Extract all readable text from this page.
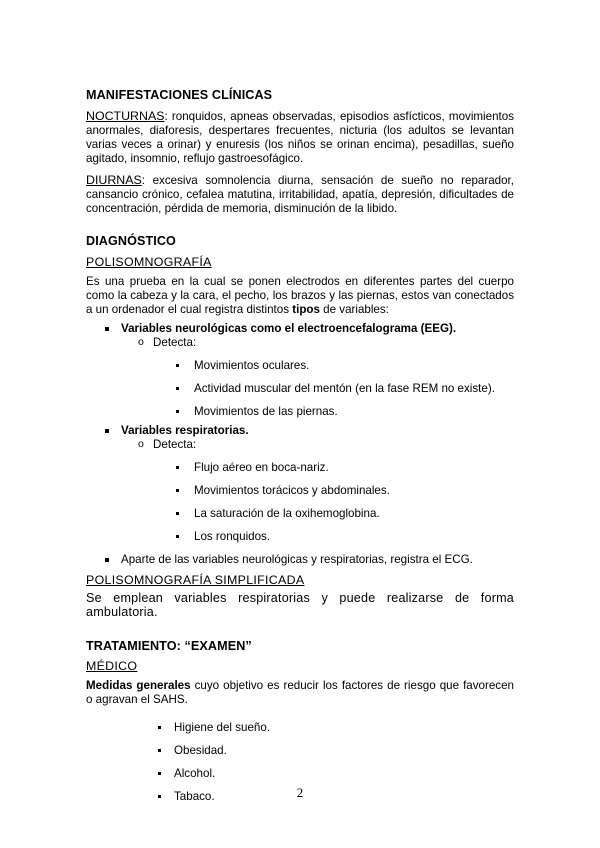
MANIFESTACIONES CLÍNICAS

NOCTURNAS: ronquidos, apneas observadas, episodios asfícticos, movimientos anormales, diaforesis, despertares frecuentes, nicturia (los adultos se levantan varias veces a orinar) y enuresis (los niños se orinan encima), pesadillas, sueño agitado, insomnio, reflujo gastroesofágico.

DIURNAS: excesiva somnolencia diurna, sensación de sueño no reparador, cansancio crónico, cefalea matutina, irritabilidad, apatía, depresión, dificultades de concentración, pérdida de memoria, disminución de la libido.

DIAGNÓSTICO
POLISOMNOGRAFÍA

Es una prueba en la cual se ponen electrodos en diferentes partes del cuerpo como la cabeza y la cara, el pecho, los brazos y las piernas, estos van conectados a un ordenador el cual registra distintos tipos de variables:

Variables neurológicas como el electroencefalograma (EEG).
o Detecta:
Movimientos oculares.
Actividad muscular del mentón (en la fase REM no existe).
Movimientos de las piernas.
Variables respiratorias.
o Detecta:
Flujo aéreo en boca-nariz.
Movimientos torácicos y abdominales.
La saturación de la oxihemoglobina.
Los ronquidos.
Aparte de las variables neurológicas y respiratorias, registra el ECG.
POLISOMNOGRAFÍA SIMPLIFICADA

Se emplean variables respiratorias y puede realizarse de forma ambulatoria.

TRATAMIENTO: “EXAMEN”
MÉDICO

Medidas generales cuyo objetivo es reducir los factores de riesgo que favorecen o agravan el SAHS.

Higiene del sueño.
Obesidad.
Alcohol.
Tabaco.	2
